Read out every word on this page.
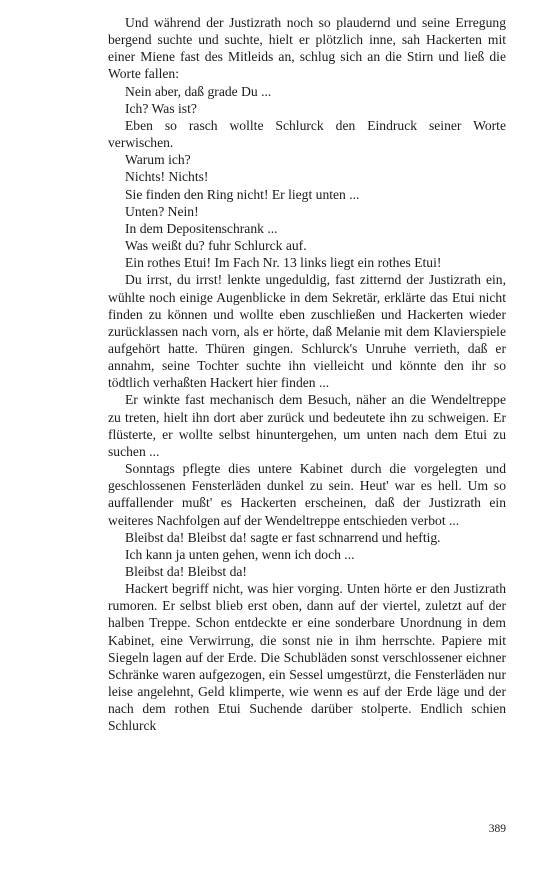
Und während der Justizrath noch so plaudernd und seine Erregung bergend suchte und suchte, hielt er plötzlich inne, sah Hackerten mit einer Miene fast des Mitleids an, schlug sich an die Stirn und ließ die Worte fallen:

Nein aber, daß grade Du ...

Ich? Was ist?

Eben so rasch wollte Schlurck den Eindruck seiner Worte verwischen.

Warum ich?

Nichts! Nichts!

Sie finden den Ring nicht! Er liegt unten ...

Unten? Nein!

In dem Depositenschrank ...

Was weißt du? fuhr Schlurck auf.

Ein rothes Etui! Im Fach Nr. 13 links liegt ein rothes Etui!

Du irrst, du irrst! lenkte ungeduldig, fast zitternd der Justizrath ein, wühlte noch einige Augenblicke in dem Sekretär, erklärte das Etui nicht finden zu können und wollte eben zuschließen und Hackerten wieder zurücklassen nach vorn, als er hörte, daß Melanie mit dem Klavierspiele aufgehört hatte. Thüren gingen. Schlurck's Unruhe verrieth, daß er annahm, seine Tochter suchte ihn vielleicht und könnte den ihr so tödtlich verhaßten Hackert hier finden ...

Er winkte fast mechanisch dem Besuch, näher an die Wendeltreppe zu treten, hielt ihn dort aber zurück und bedeutete ihn zu schweigen. Er flüsterte, er wollte selbst hinuntergehen, um unten nach dem Etui zu suchen ...

Sonntags pflegte dies untere Kabinet durch die vorgelegten und geschlossenen Fensterläden dunkel zu sein. Heut' war es hell. Um so auffallender mußt' es Hackerten erscheinen, daß der Justizrath ein weiteres Nachfolgen auf der Wendeltreppe entschieden verbot ...

Bleibst da! Bleibst da! sagte er fast schnarrend und heftig.

Ich kann ja unten gehen, wenn ich doch ...

Bleibst da! Bleibst da!

Hackert begriff nicht, was hier vorging. Unten hörte er den Justizrath rumoren. Er selbst blieb erst oben, dann auf der viertel, zuletzt auf der halben Treppe. Schon entdeckte er eine sonderbare Unordnung in dem Kabinet, eine Verwirrung, die sonst nie in ihm herrschte. Papiere mit Siegeln lagen auf der Erde. Die Schubläden sonst verschlossener eichner Schränke waren aufgezogen, ein Sessel umgestürzt, die Fensterläden nur leise angelehnt, Geld klimperte, wie wenn es auf der Erde läge und der nach dem rothen Etui Suchende darüber stolperte. Endlich schien Schlurck

389
